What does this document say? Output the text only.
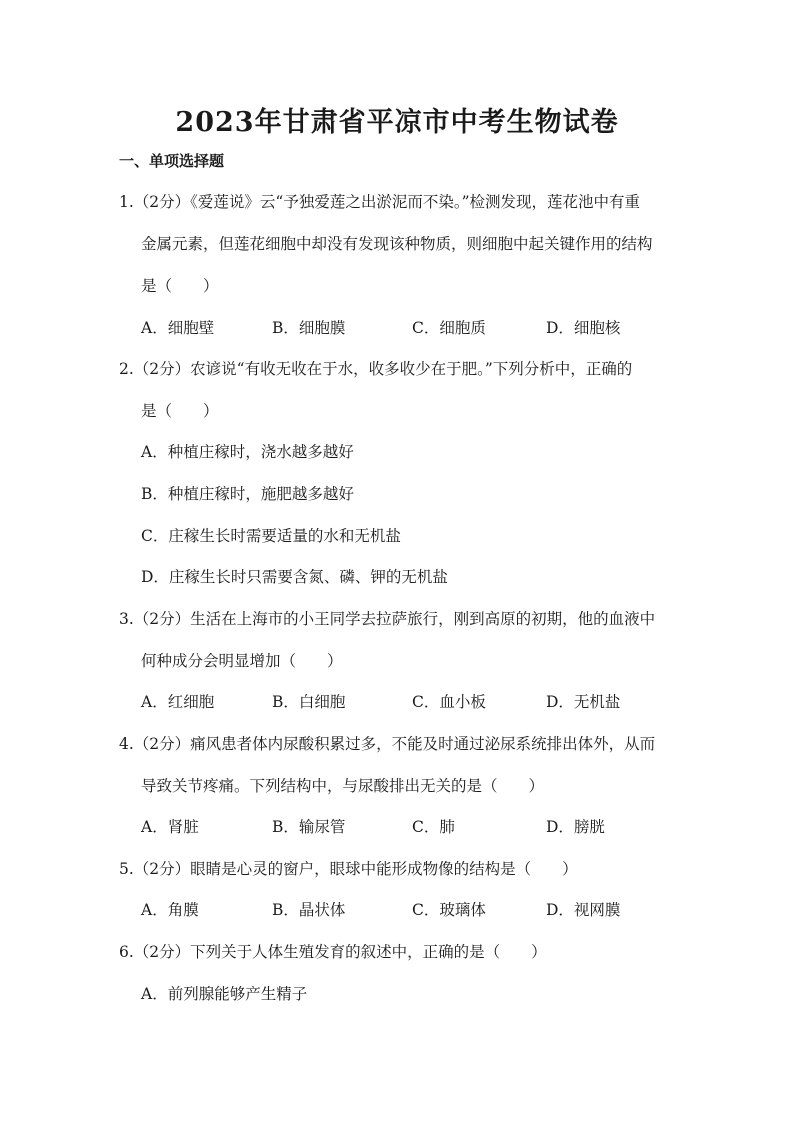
2023年甘肃省平凉市中考生物试卷
一、单项选择题
1.（2分）《爱莲说》云“予独爱莲之出淤泥而不染。”检测发现，莲花池中有重
金属元素，但莲花细胞中却没有发现该种物质，则细胞中起关键作用的结构
是（　　）
A．细胞壁	B．细胞膜	C．细胞质	D．细胞核
2.（2分）农谚说“有收无收在于水，收多收少在于肥。”下列分析中，正确的
是（　　）
A．种植庄稼时，浇水越多越好
B．种植庄稼时，施肥越多越好
C．庄稼生长时需要适量的水和无机盐
D．庄稼生长时只需要含氮、磷、钾的无机盐
3.（2分）生活在上海市的小王同学去拉萨旅行，刚到高原的初期，他的血液中
何种成分会明显增加（　　）
A．红细胞	B．白细胞	C．血小板	D．无机盐
4.（2分）痛风患者体内尿酸积累过多，不能及时通过泌尿系统排出体外，从而
导致关节疼痛。下列结构中，与尿酸排出无关的是（　　）
A．肾脏	B．输尿管	C．肺	D．膀胱
5.（2分）眼睛是心灵的窗户，眼球中能形成物像的结构是（　　）
A．角膜	B．晶状体	C．玻璃体	D．视网膜
6.（2分）下列关于人体生殖发育的叙述中，正确的是（　　）
A．前列腺能够产生精子
